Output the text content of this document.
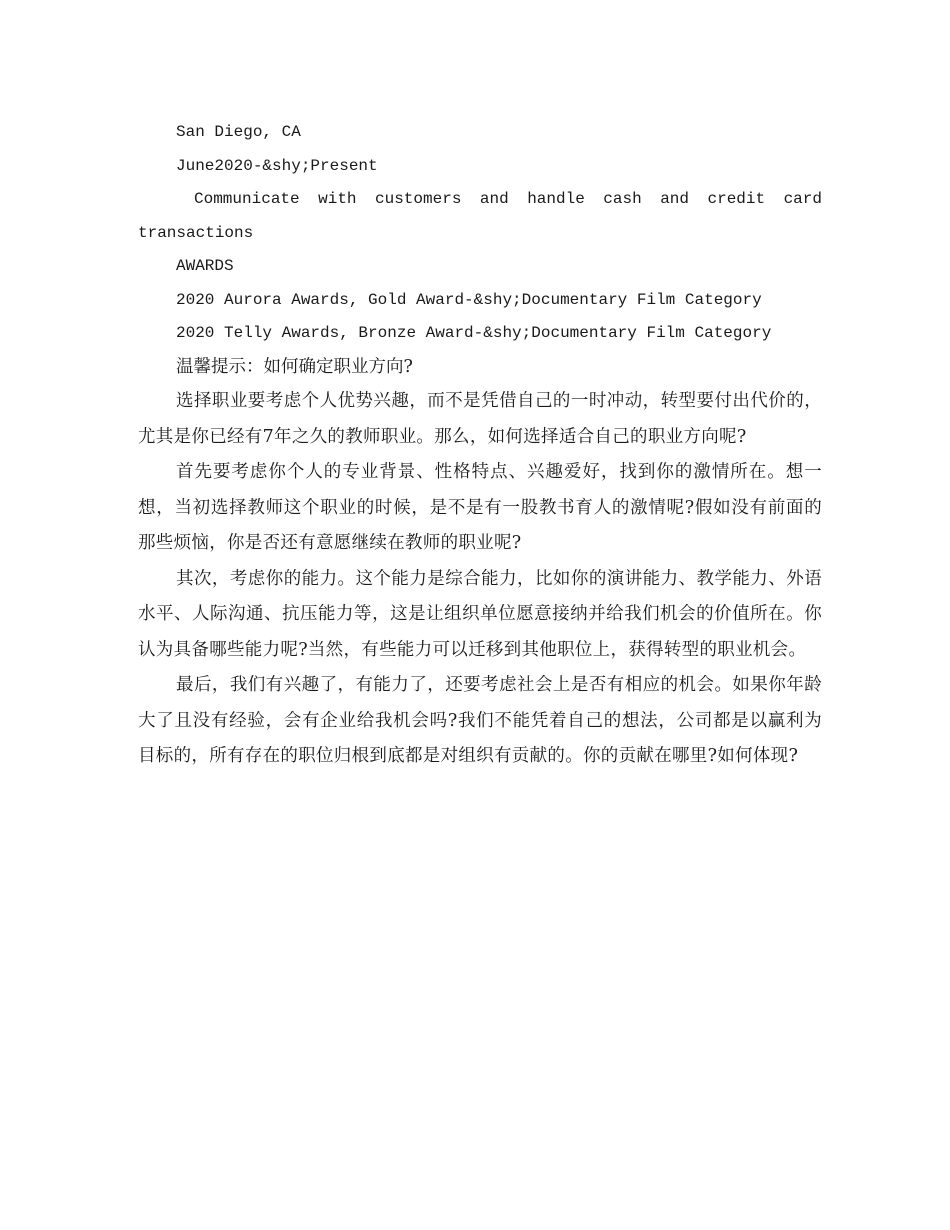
San Diego, CA

June2020-&shy;Present

Communicate with customers and handle cash and credit card

transactions

AWARDS

2020 Aurora Awards, Gold Award-&shy;Documentary Film Category

2020 Telly Awards, Bronze Award-&shy;Documentary Film Category

温馨提示：如何确定职业方向?

选择职业要考虑个人优势兴趣，而不是凭借自己的一时冲动，转型要付出代价的，尤其是你已经有7年之久的教师职业。那么，如何选择适合自己的职业方向呢?

首先要考虑你个人的专业背景、性格特点、兴趣爱好，找到你的激情所在。想一想，当初选择教师这个职业的时候，是不是有一股教书育人的激情呢?假如没有前面的那些烦恼，你是否还有意愿继续在教师的职业呢?

其次，考虑你的能力。这个能力是综合能力，比如你的演讲能力、教学能力、外语水平、人际沟通、抗压能力等，这是让组织单位愿意接纳并给我们机会的价值所在。你认为具备哪些能力呢?当然，有些能力可以迁移到其他职位上，获得转型的职业机会。

最后，我们有兴趣了，有能力了，还要考虑社会上是否有相应的机会。如果你年龄大了且没有经验，会有企业给我机会吗?我们不能凭着自己的想法，公司都是以赢利为目标的，所有存在的职位归根到底都是对组织有贡献的。你的贡献在哪里?如何体现?
